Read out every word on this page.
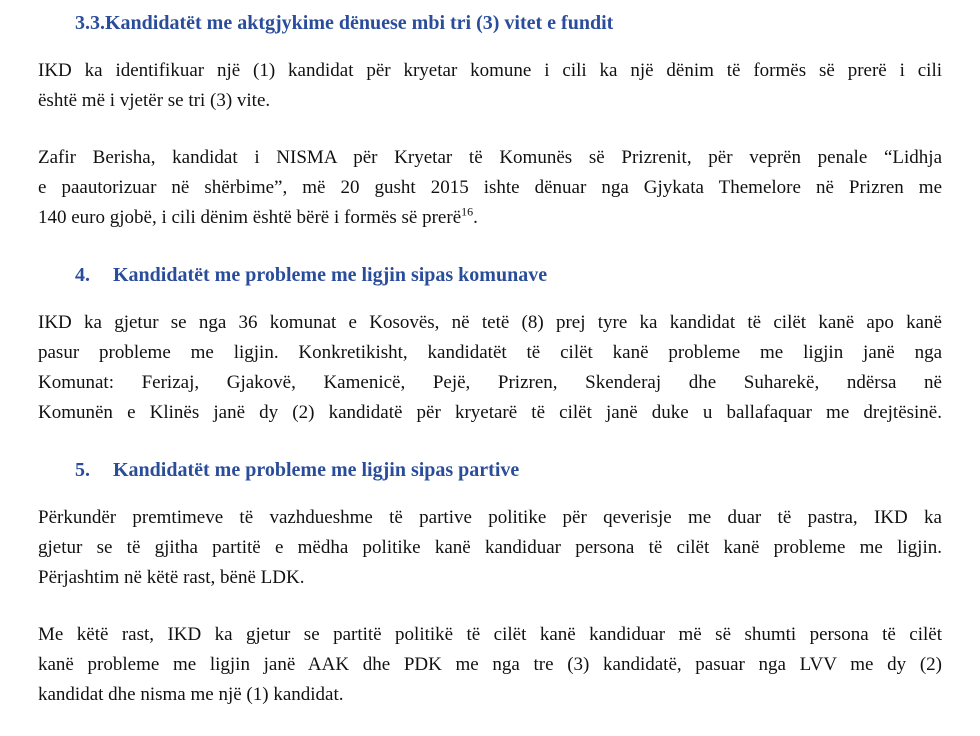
3.3.Kandidatët me aktgjykime dënuese mbi tri (3) vitet e fundit

IKD ka identifikuar një (1) kandidat për kryetar komune i cili ka një dënim të formës së prerë i cili
është më i vjetër se tri (3) vite.

Zafir Berisha, kandidat i NISMA për Kryetar të Komunës së Prizrenit, për veprën penale “Lidhja
e paautorizuar në shërbime”, më 20 gusht 2015 ishte dënuar nga Gjykata Themelore në Prizren me
140 euro gjobë, i cili dënim është bërë i formës së prerë$^{16}$.

4. Kandidatët me probleme me ligjin sipas komunave

IKD ka gjetur se nga 36 komunat e Kosovës, në tetë (8) prej tyre ka kandidat të cilët kanë apo kanë
pasur probleme me ligjin. Konkretikisht, kandidatët të cilët kanë probleme me ligjin janë nga
Komunat: Ferizaj, Gjakovë, Kamenicë, Pejë, Prizren, Skenderaj dhe Suharekë, ndërsa në
Komunën e Klinës janë dy (2) kandidatë për kryetarë të cilët janë duke u ballafaquar me drejtësinë.

5. Kandidatët me probleme me ligjin sipas partive

Përkundër premtimeve të vazhdueshme të partive politike për qeverisje me duar të pastra, IKD ka
gjetur se të gjitha partitë e mëdha politike kanë kandiduar persona të cilët kanë probleme me ligjin.
Përjashtim në këtë rast, bënë LDK.

Me këtë rast, IKD ka gjetur se partitë politikë të cilët kanë kandiduar më së shumti persona të cilët
kanë probleme me ligjin janë AAK dhe PDK me nga tre (3) kandidatë, pasuar nga LVV me dy (2)
kandidat dhe nisma me një (1) kandidat.
